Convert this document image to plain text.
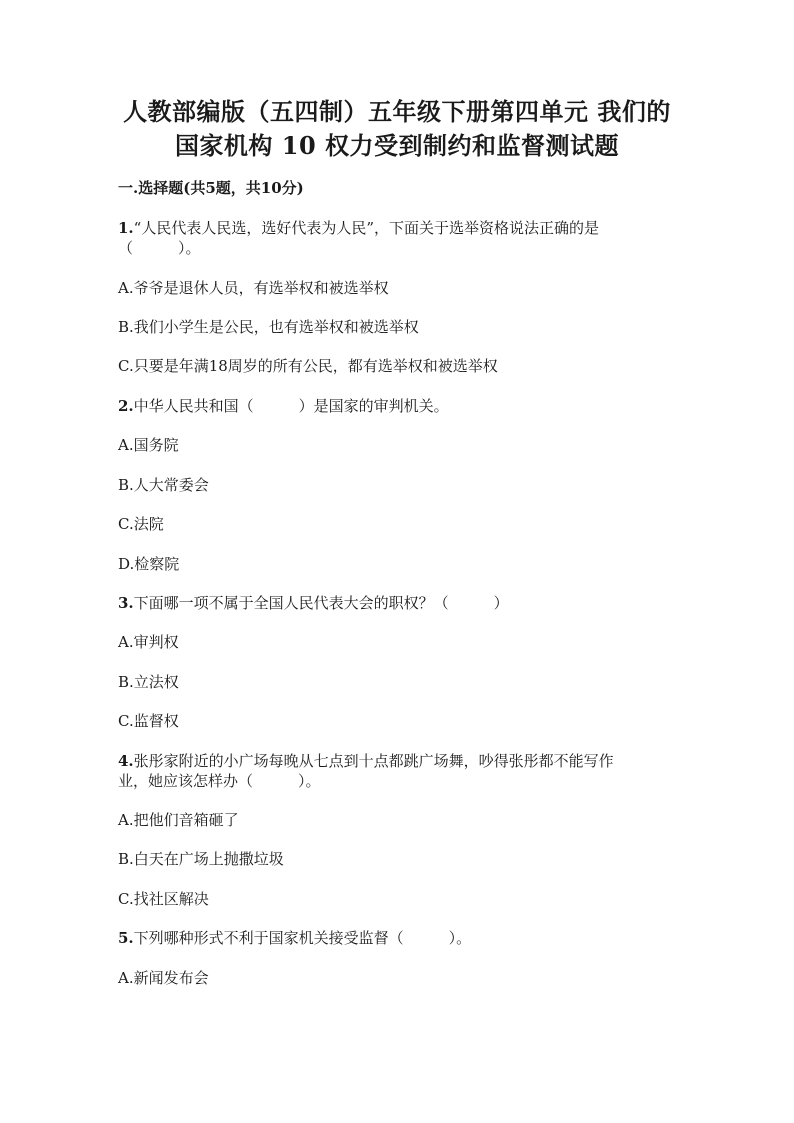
人教部编版（五四制）五年级下册第四单元 我们的
国家机构 10 权力受到制约和监督测试题
一.选择题(共5题，共10分)
1.“人民代表人民选，选好代表为人民”，下面关于选举资格说法正确的是
（　　　）。
A.爷爷是退休人员，有选举权和被选举权
B.我们小学生是公民，也有选举权和被选举权
C.只要是年满18周岁的所有公民，都有选举权和被选举权
2.中华人民共和国（　　　）是国家的审判机关。
A.国务院
B.人大常委会
C.法院
D.检察院
3.下面哪一项不属于全国人民代表大会的职权？（　　　）
A.审判权
B.立法权
C.监督权
4.张彤家附近的小广场每晚从七点到十点都跳广场舞，吵得张彤都不能写作
业，她应该怎样办（　　　）。
A.把他们音箱砸了
B.白天在广场上抛撒垃圾
C.找社区解决
5.下列哪种形式不利于国家机关接受监督（　　　）。
A.新闻发布会
